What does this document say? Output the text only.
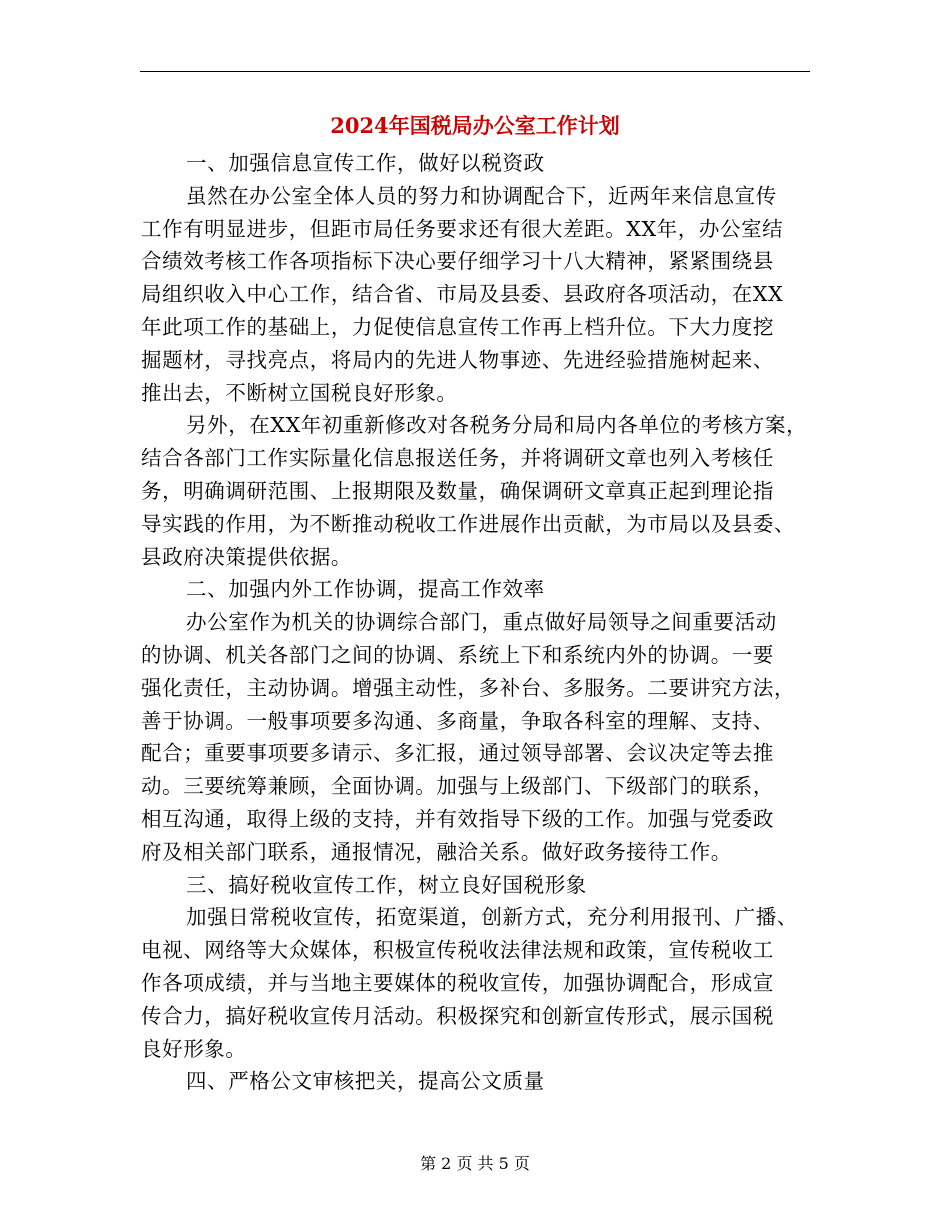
2024年国税局办公室工作计划
一、加强信息宣传工作，做好以税资政
虽然在办公室全体人员的努力和协调配合下，近两年来信息宣传
工作有明显进步，但距市局任务要求还有很大差距。XX年，办公室结
合绩效考核工作各项指标下决心要仔细学习十八大精神，紧紧围绕县
局组织收入中心工作，结合省、市局及县委、县政府各项活动，在XX
年此项工作的基础上，力促使信息宣传工作再上档升位。下大力度挖
掘题材，寻找亮点，将局内的先进人物事迹、先进经验措施树起来、
推出去，不断树立国税良好形象。
另外，在XX年初重新修改对各税务分局和局内各单位的考核方案，
结合各部门工作实际量化信息报送任务，并将调研文章也列入考核任
务，明确调研范围、上报期限及数量，确保调研文章真正起到理论指
导实践的作用，为不断推动税收工作进展作出贡献，为市局以及县委、
县政府决策提供依据。
二、加强内外工作协调，提高工作效率
办公室作为机关的协调综合部门，重点做好局领导之间重要活动
的协调、机关各部门之间的协调、系统上下和系统内外的协调。一要
强化责任，主动协调。增强主动性，多补台、多服务。二要讲究方法，
善于协调。一般事项要多沟通、多商量，争取各科室的理解、支持、
配合；重要事项要多请示、多汇报，通过领导部署、会议决定等去推
动。三要统筹兼顾，全面协调。加强与上级部门、下级部门的联系，
相互沟通，取得上级的支持，并有效指导下级的工作。加强与党委政
府及相关部门联系，通报情况，融洽关系。做好政务接待工作。
三、搞好税收宣传工作，树立良好国税形象
加强日常税收宣传，拓宽渠道，创新方式，充分利用报刊、广播、
电视、网络等大众媒体，积极宣传税收法律法规和政策，宣传税收工
作各项成绩，并与当地主要媒体的税收宣传，加强协调配合，形成宣
传合力，搞好税收宣传月活动。积极探究和创新宣传形式，展示国税
良好形象。
四、严格公文审核把关，提高公文质量
第 2 页 共 5 页
